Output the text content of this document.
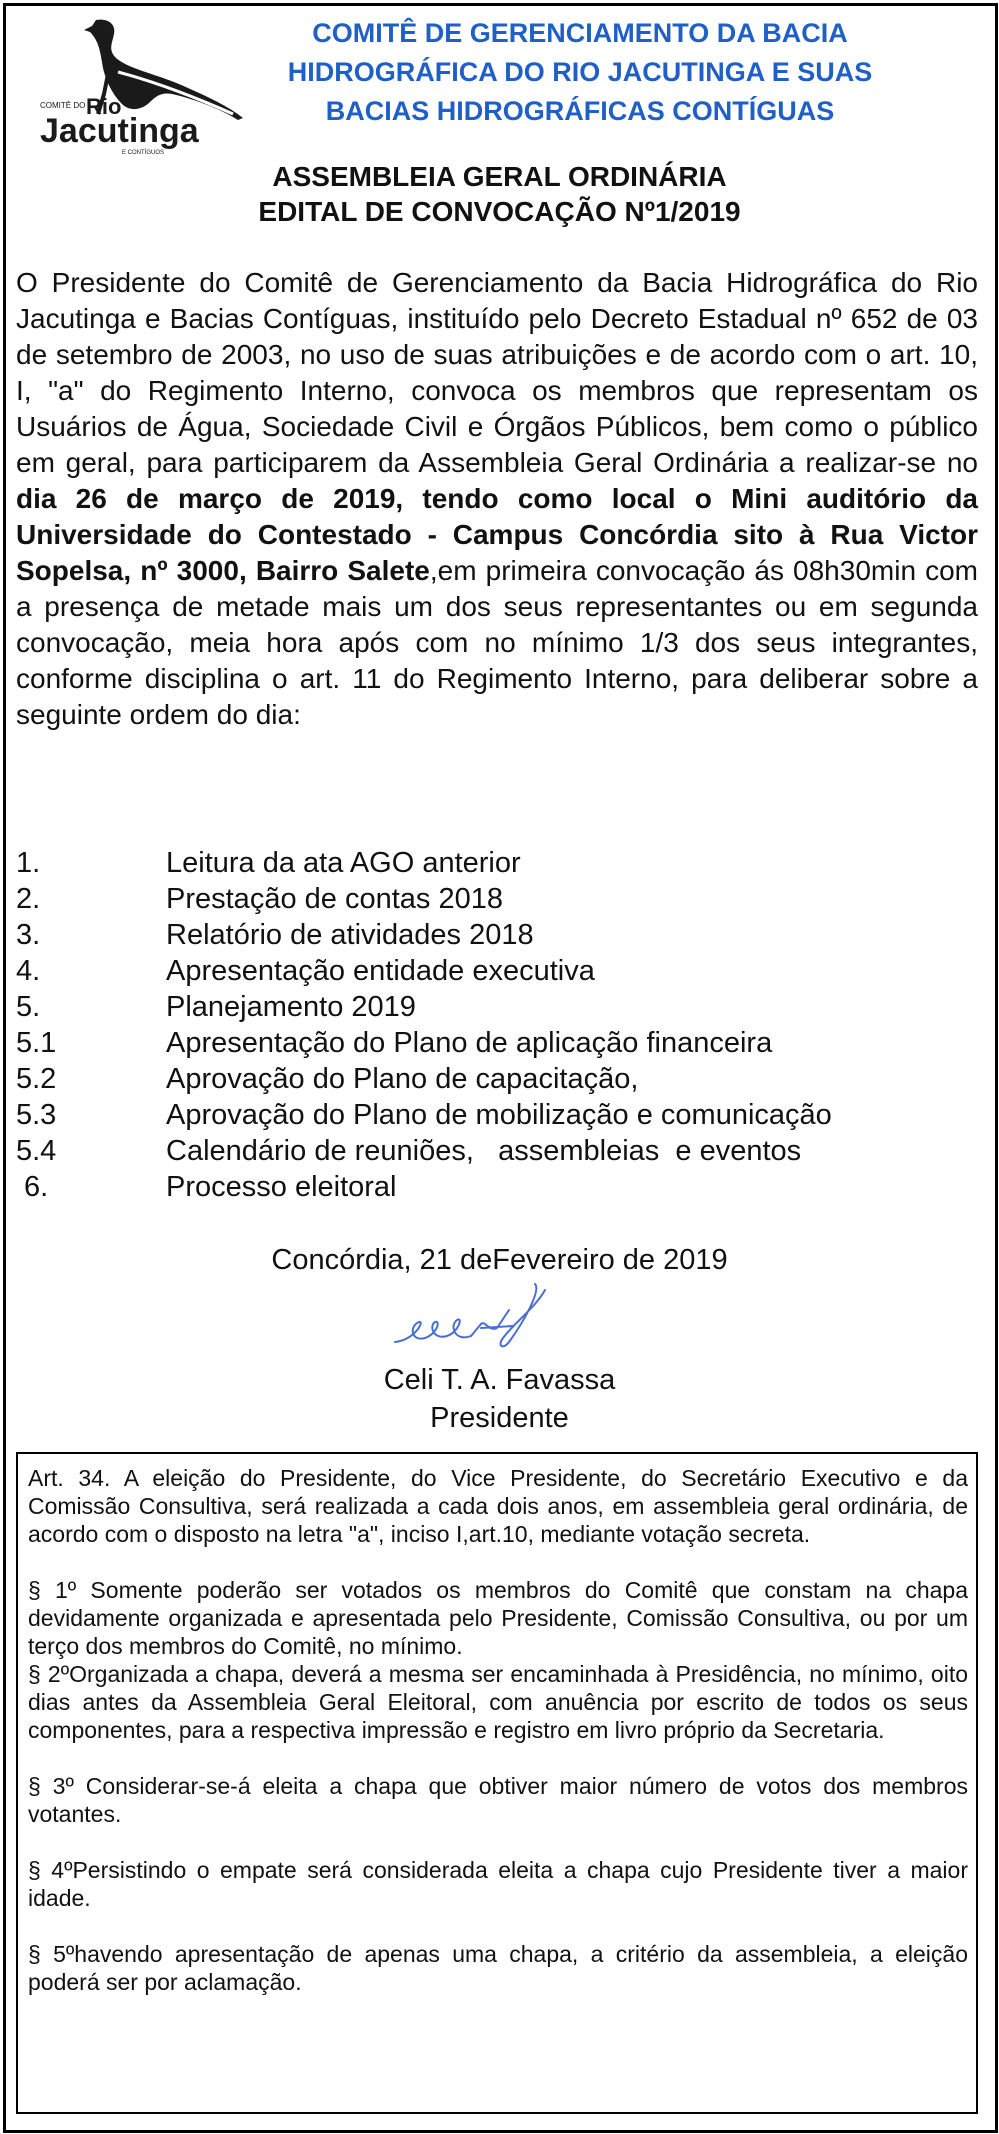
COMITÊ DO Rio
Jacutinga
E CONTÍGUOS
COMITÊ DE GERENCIAMENTO DA BACIA
HIDROGRÁFICA DO RIO JACUTINGA E SUAS
BACIAS HIDROGRÁFICAS CONTÍGUAS
ASSEMBLEIA GERAL ORDINÁRIA
EDITAL DE CONVOCAÇÃO Nº1/2019
O Presidente do Comitê de Gerenciamento da Bacia Hidrográfica do Rio Jacutinga e Bacias Contíguas, instituído pelo Decreto Estadual nº 652 de 03 de setembro de 2003, no uso de suas atribuições e de acordo com o art. 10, I, "a" do Regimento Interno, convoca os membros que representam os Usuários de Água, Sociedade Civil e Órgãos Públicos, bem como o público em geral, para participarem da Assembleia Geral Ordinária a realizar-se no dia 26 de março de 2019, tendo como local o Mini auditório da Universidade do Contestado - Campus Concórdia sito à Rua Victor Sopelsa, nº 3000, Bairro Salete,em primeira convocação ás 08h30min com a presença de metade mais um dos seus representantes ou em segunda convocação, meia hora após com no mínimo 1/3 dos seus integrantes, conforme disciplina o art. 11 do Regimento Interno, para deliberar sobre a seguinte ordem do dia:
1.	Leitura da ata AGO anterior
2.	Prestação de contas 2018
3.	Relatório de atividades 2018
4.	Apresentação entidade executiva
5.	Planejamento 2019
5.1	Apresentação do Plano de aplicação financeira
5.2	Aprovação do Plano de capacitação,
5.3	Aprovação do Plano de mobilização e comunicação
5.4	Calendário de reuniões,   assembleias  e eventos
6.	Processo eleitoral
Concórdia, 21 deFevereiro de 2019
Celi T. A. Favassa
Presidente

Art. 34. A eleição do Presidente, do Vice Presidente, do Secretário Executivo e da Comissão Consultiva, será realizada a cada dois anos, em assembleia geral ordinária, de acordo com o disposto na letra "a", inciso I,art.10, mediante votação secreta.

§ 1º Somente poderão ser votados os membros do Comitê que constam na chapa devidamente organizada e apresentada pelo Presidente, Comissão Consultiva, ou por um terço dos membros do Comitê, no mínimo.

§ 2ºOrganizada a chapa, deverá a mesma ser encaminhada à Presidência, no mínimo, oito dias antes da Assembleia Geral Eleitoral, com anuência por escrito de todos os seus componentes, para a respectiva impressão e registro em livro próprio da Secretaria.

§ 3º Considerar-se-á eleita a chapa que obtiver maior número de votos dos membros votantes.

§ 4ºPersistindo o empate será considerada eleita a chapa cujo Presidente tiver a maior idade.

§ 5ºhavendo apresentação de apenas uma chapa, a critério da assembleia, a eleição poderá ser por aclamação.
